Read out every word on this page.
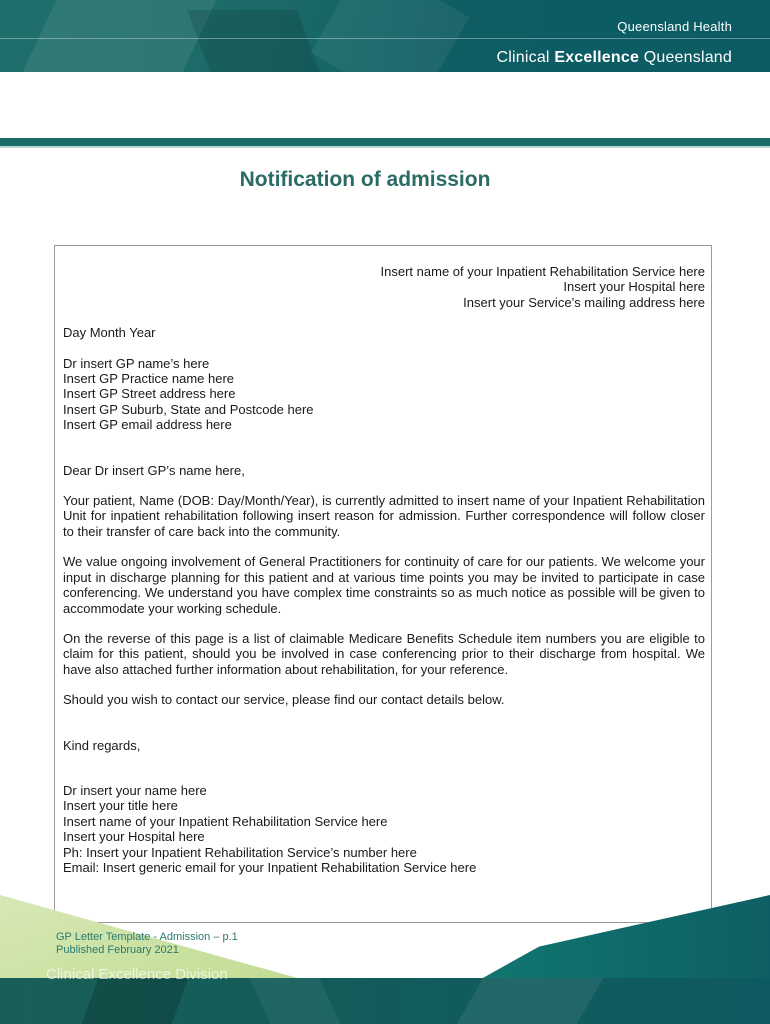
Queensland Health
Clinical Excellence Queensland
Notification of admission

Insert name of your Inpatient Rehabilitation Service here

Insert your Hospital here

Insert your Service’s mailing address here

Day Month Year

Dr insert GP name’s here

Insert GP Practice name here

Insert GP Street address here

Insert GP Suburb, State and Postcode here

Insert GP email address here

Dear Dr insert GP’s name here,

Your patient, Name (DOB: Day/Month/Year), is currently admitted to insert name of your Inpatient Rehabilitation Unit for inpatient rehabilitation following insert reason for admission. Further correspondence will follow closer to their transfer of care back into the community.

We value ongoing involvement of General Practitioners for continuity of care for our patients. We welcome your input in discharge planning for this patient and at various time points you may be invited to participate in case conferencing. We understand you have complex time constraints so as much notice as possible will be given to accommodate your working schedule.

On the reverse of this page is a list of claimable Medicare Benefits Schedule item numbers you are eligible to claim for this patient, should you be involved in case conferencing prior to their discharge from hospital. We have also attached further information about rehabilitation, for your reference.

Should you wish to contact our service, please find our contact details below.

Kind regards,

Dr insert your name here

Insert your title here

Insert name of your Inpatient Rehabilitation Service here

Insert your Hospital here

Ph: Insert your Inpatient Rehabilitation Service’s number here

Email: Insert generic email for your Inpatient Rehabilitation Service here

GP Letter Template - Admission – p.1
Published February 2021
Clinical Excellence Division
